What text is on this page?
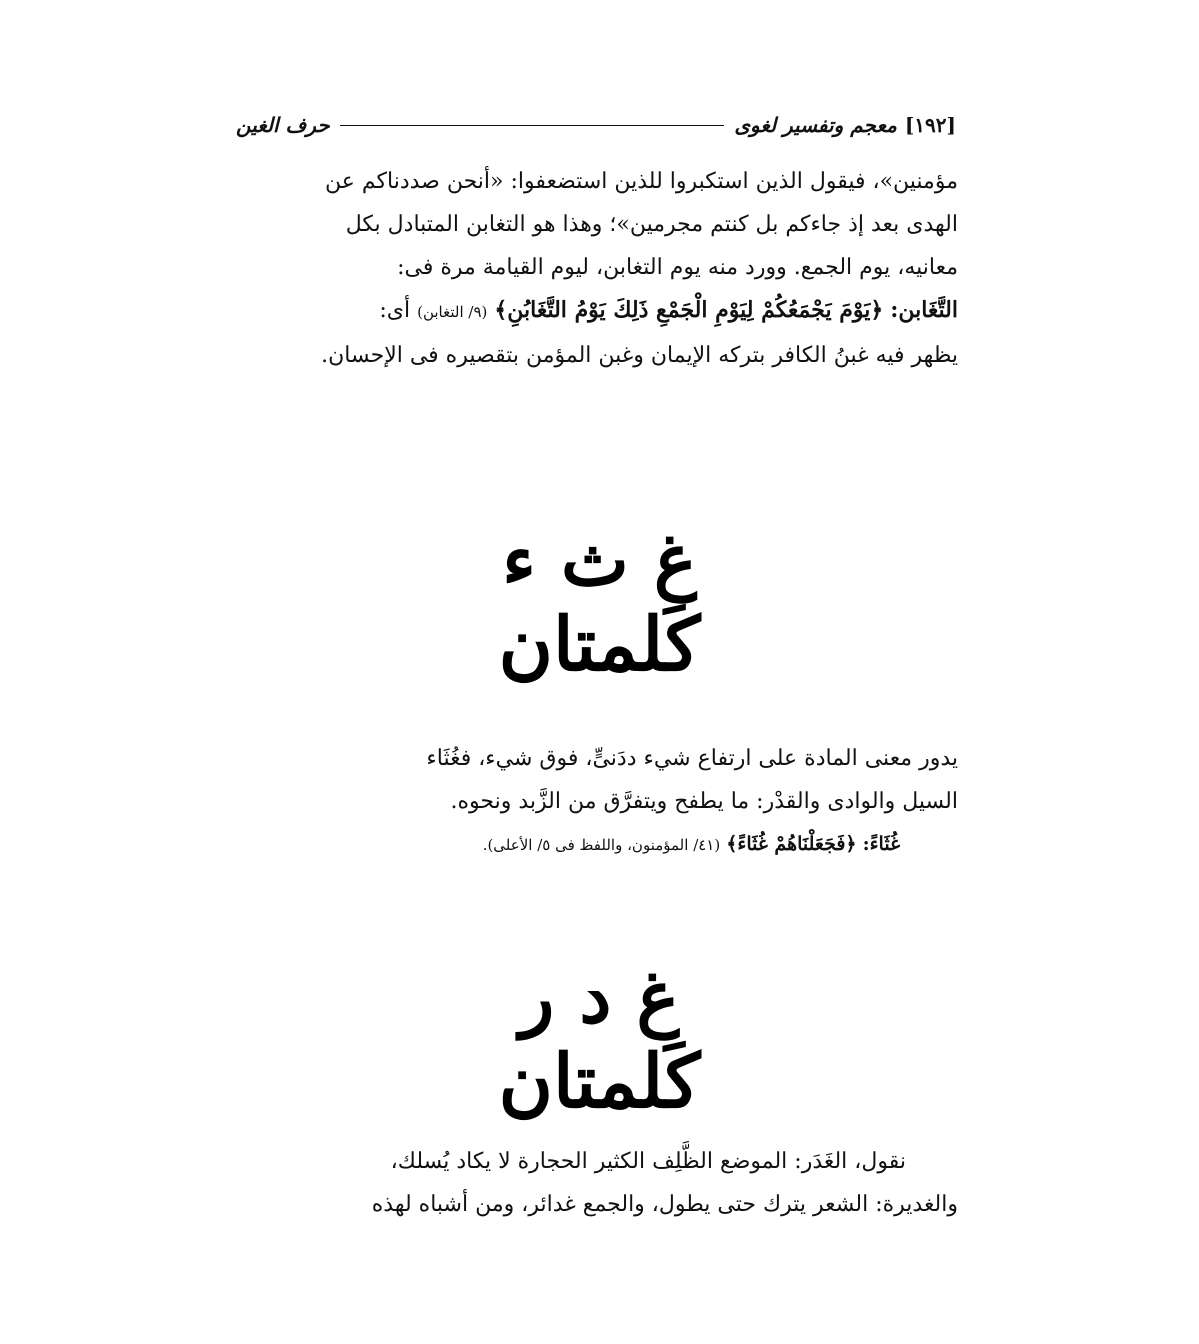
[١٩٢]
معجم وتفسير لغوى
حرف الغين

مؤمنين»، فيقول الذين استكبروا للذين استضعفوا: «أنحن صددناكم عن

الهدى بعد إذ جاءكم بل كنتم مجرمين»؛ وهذا هو التغابن المتبادل بكل

معانيه، يوم الجمع. وورد منه يوم التغابن، ليوم القيامة مرة فى:

التَّغَابن: ﴿يَوْمَ يَجْمَعُكُمْ لِيَوْمِ الْجَمْعِ ذَلِكَ يَوْمُ التَّغَابُنِ﴾ (٩/ التغابن) أى:

يظهر فيه غبنُ الكافر بتركه الإيمان وغبن المؤمن بتقصيره فى الإحسان.

غ ث ء
كَلمتان

يدور معنى المادة على ارتفاع شيء ددَنىٍّ، فوق شيء، فغُثَاء

السيل والوادى والقدْر: ما يطفح ويتفرَّق من الزَّبد ونحوه.

غُثَاءً: ﴿فَجَعَلْنَاهُمْ غُثَاءً﴾ (٤١/ المؤمنون، واللفظ فى ٥/ الأعلى).

غ د ر
كَلمتان

نقول، الغَدَر: الموضع الظَّلِف الكثير الحجارة لا يكاد يُسلك،

والغديرة: الشعر يترك حتى يطول، والجمع غدائر، ومن أشباه لهذه
